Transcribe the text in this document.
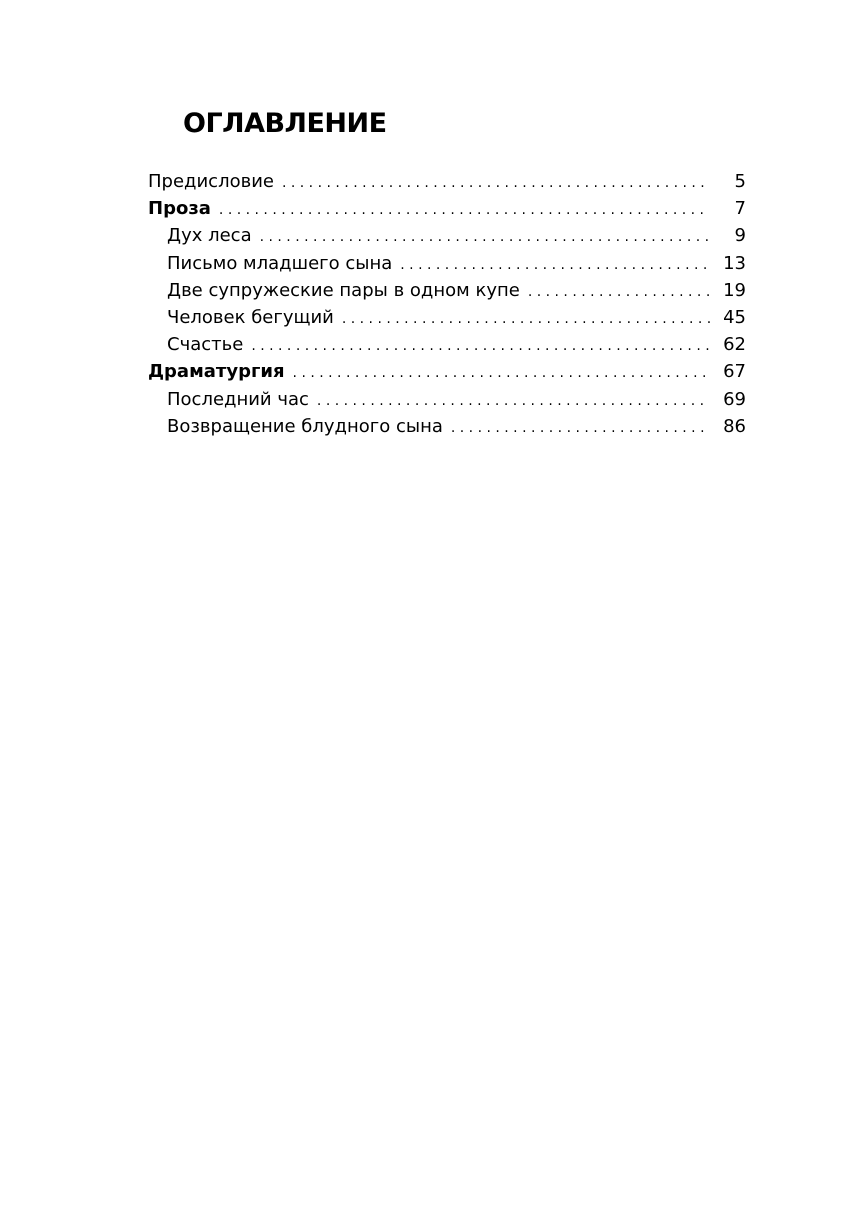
ОГЛАВЛЕНИЕ
Предисловие . . .	5
Проза . . .	7
Дух леса . . .	9
Письмо младшего сына . . .	13
Две супружеские пары в одном купе . . .	19
Человек бегущий . . .	45
Счастье . . .	62
Драматургия . . .	67
Последний час . . .	69
Возвращение блудного сына . . .	86
